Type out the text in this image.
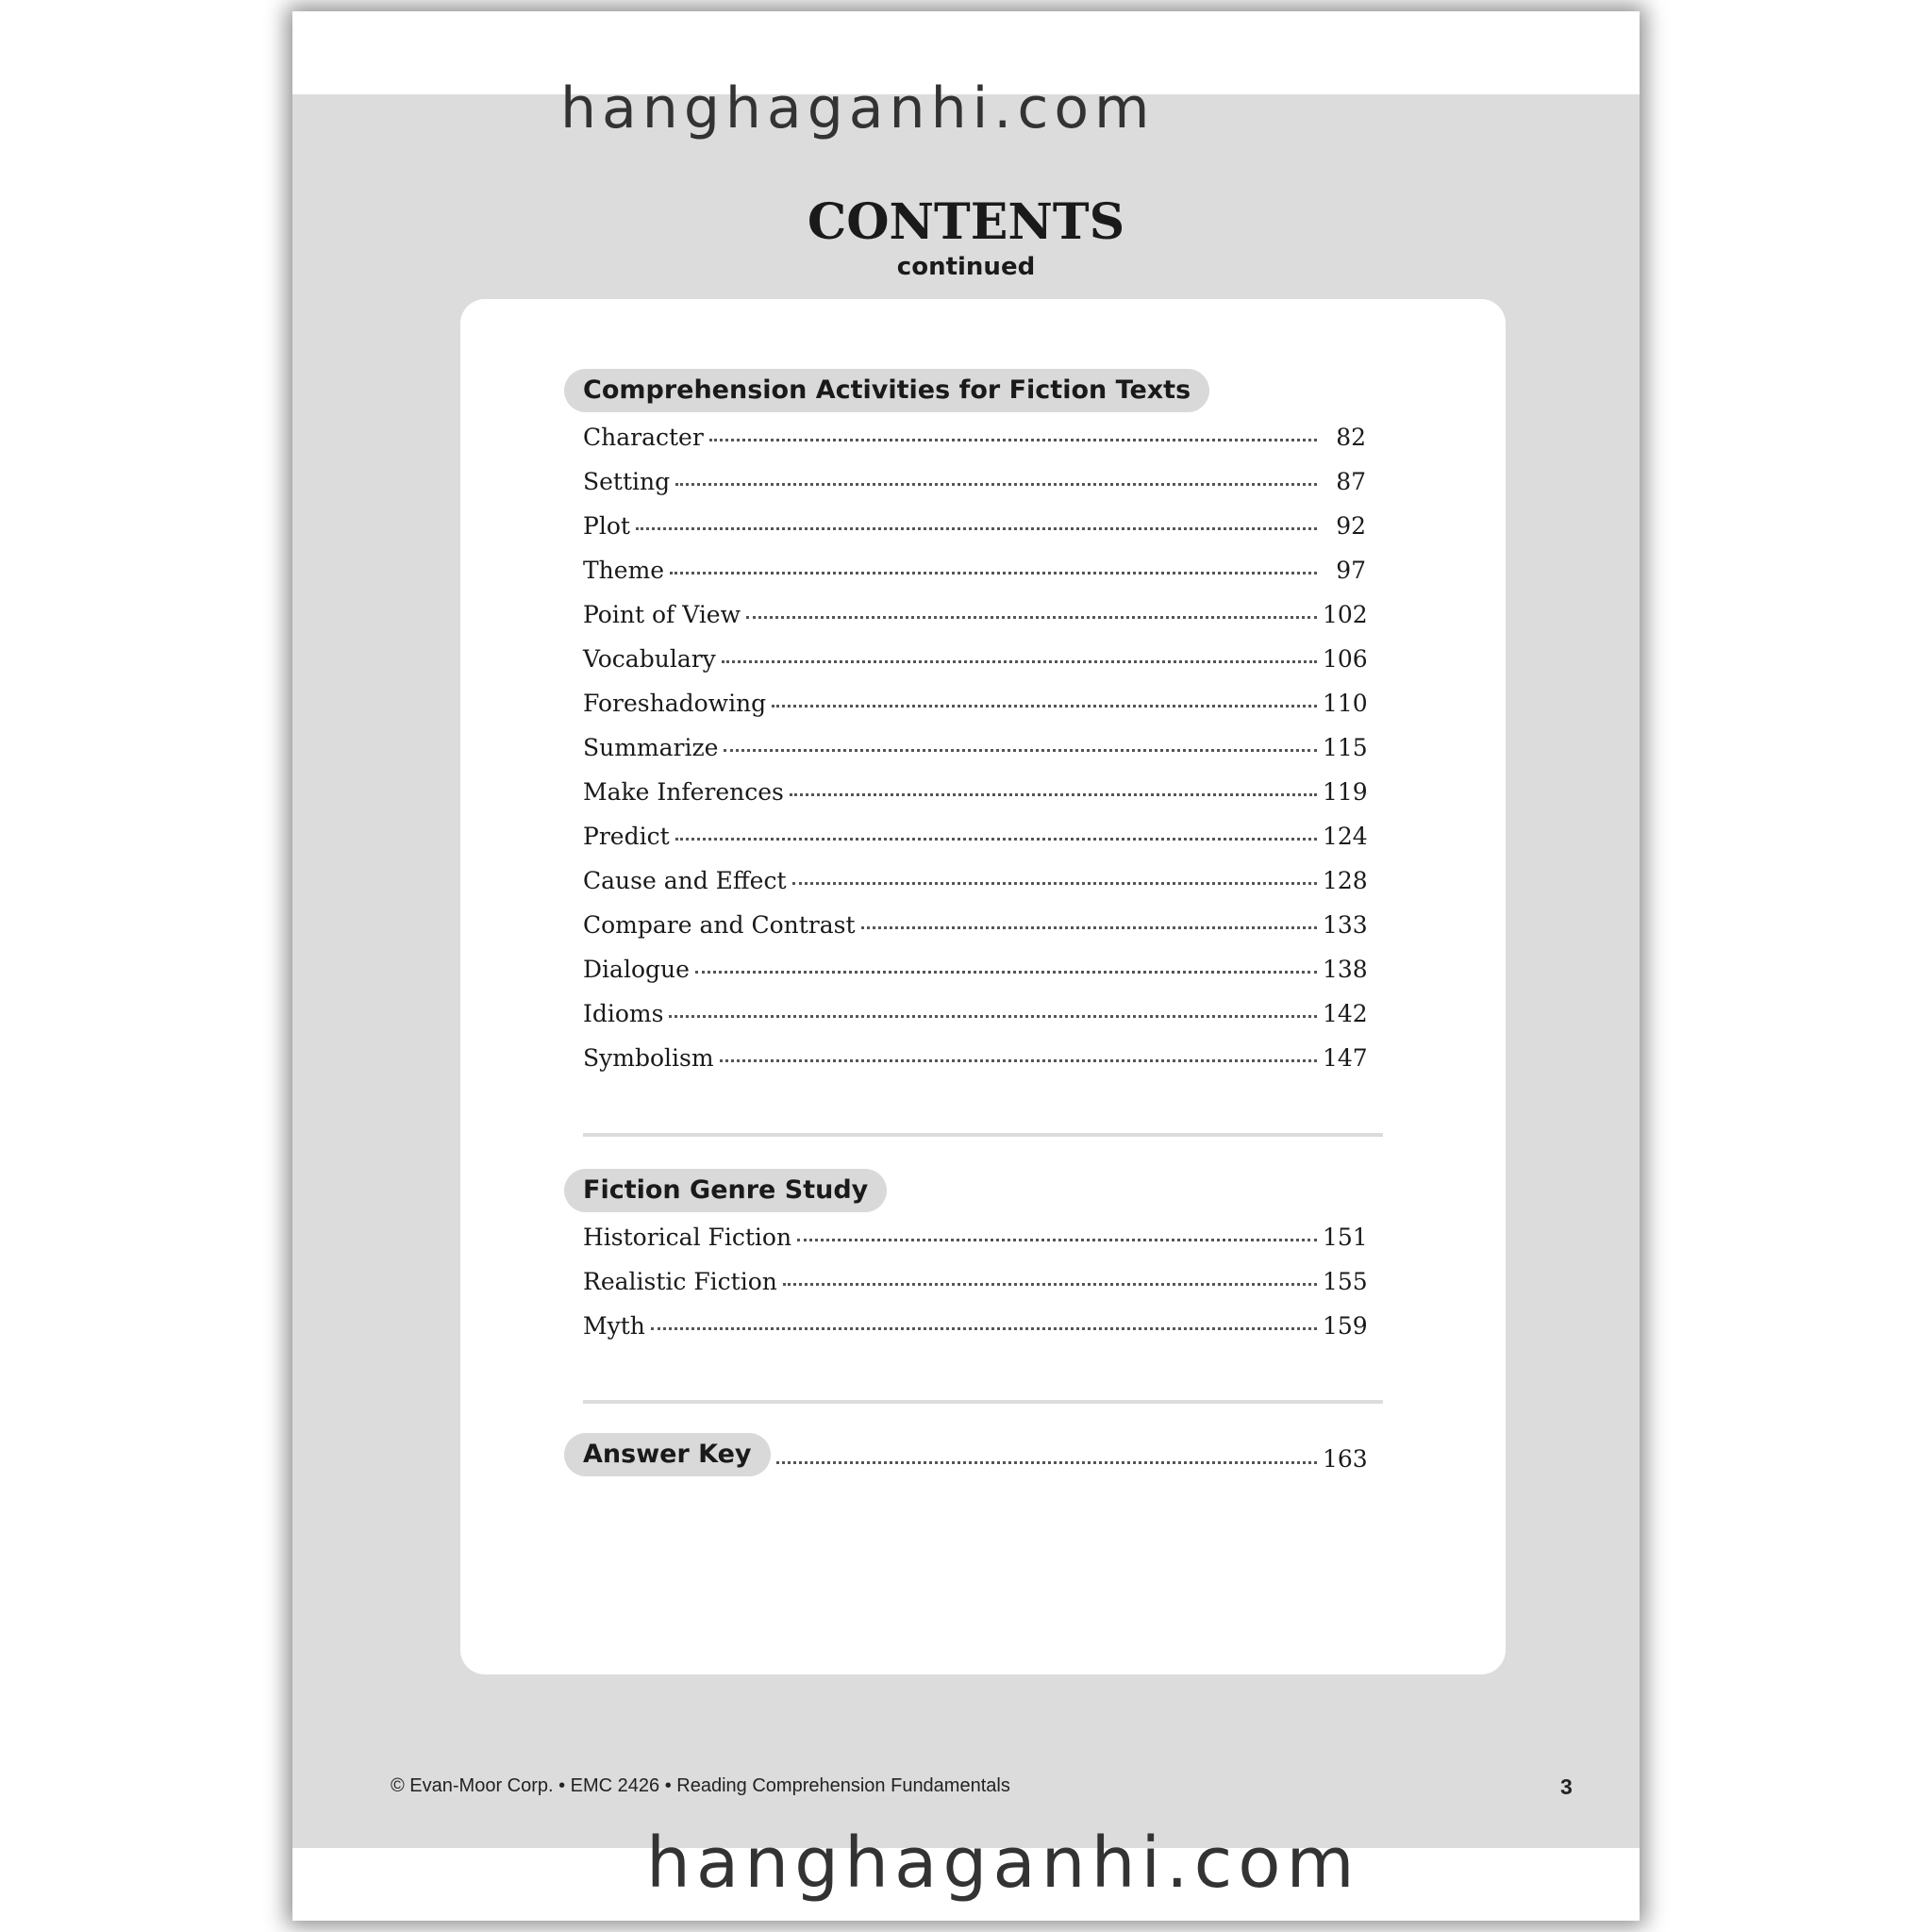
hanghaganhi.com
CONTENTS
continued
Comprehension Activities for Fiction Texts
Character	82
Setting	87
Plot	92
Theme	97
Point of View	102
Vocabulary	106
Foreshadowing	110
Summarize	115
Make Inferences	119
Predict	124
Cause and Effect	128
Compare and Contrast	133
Dialogue	138
Idioms	142
Symbolism	147
Fiction Genre Study
Historical Fiction	151
Realistic Fiction	155
Myth	159
Answer Key	163
© Evan-Moor Corp. • EMC 2426 • Reading Comprehension Fundamentals	3
hanghaganhi.com
